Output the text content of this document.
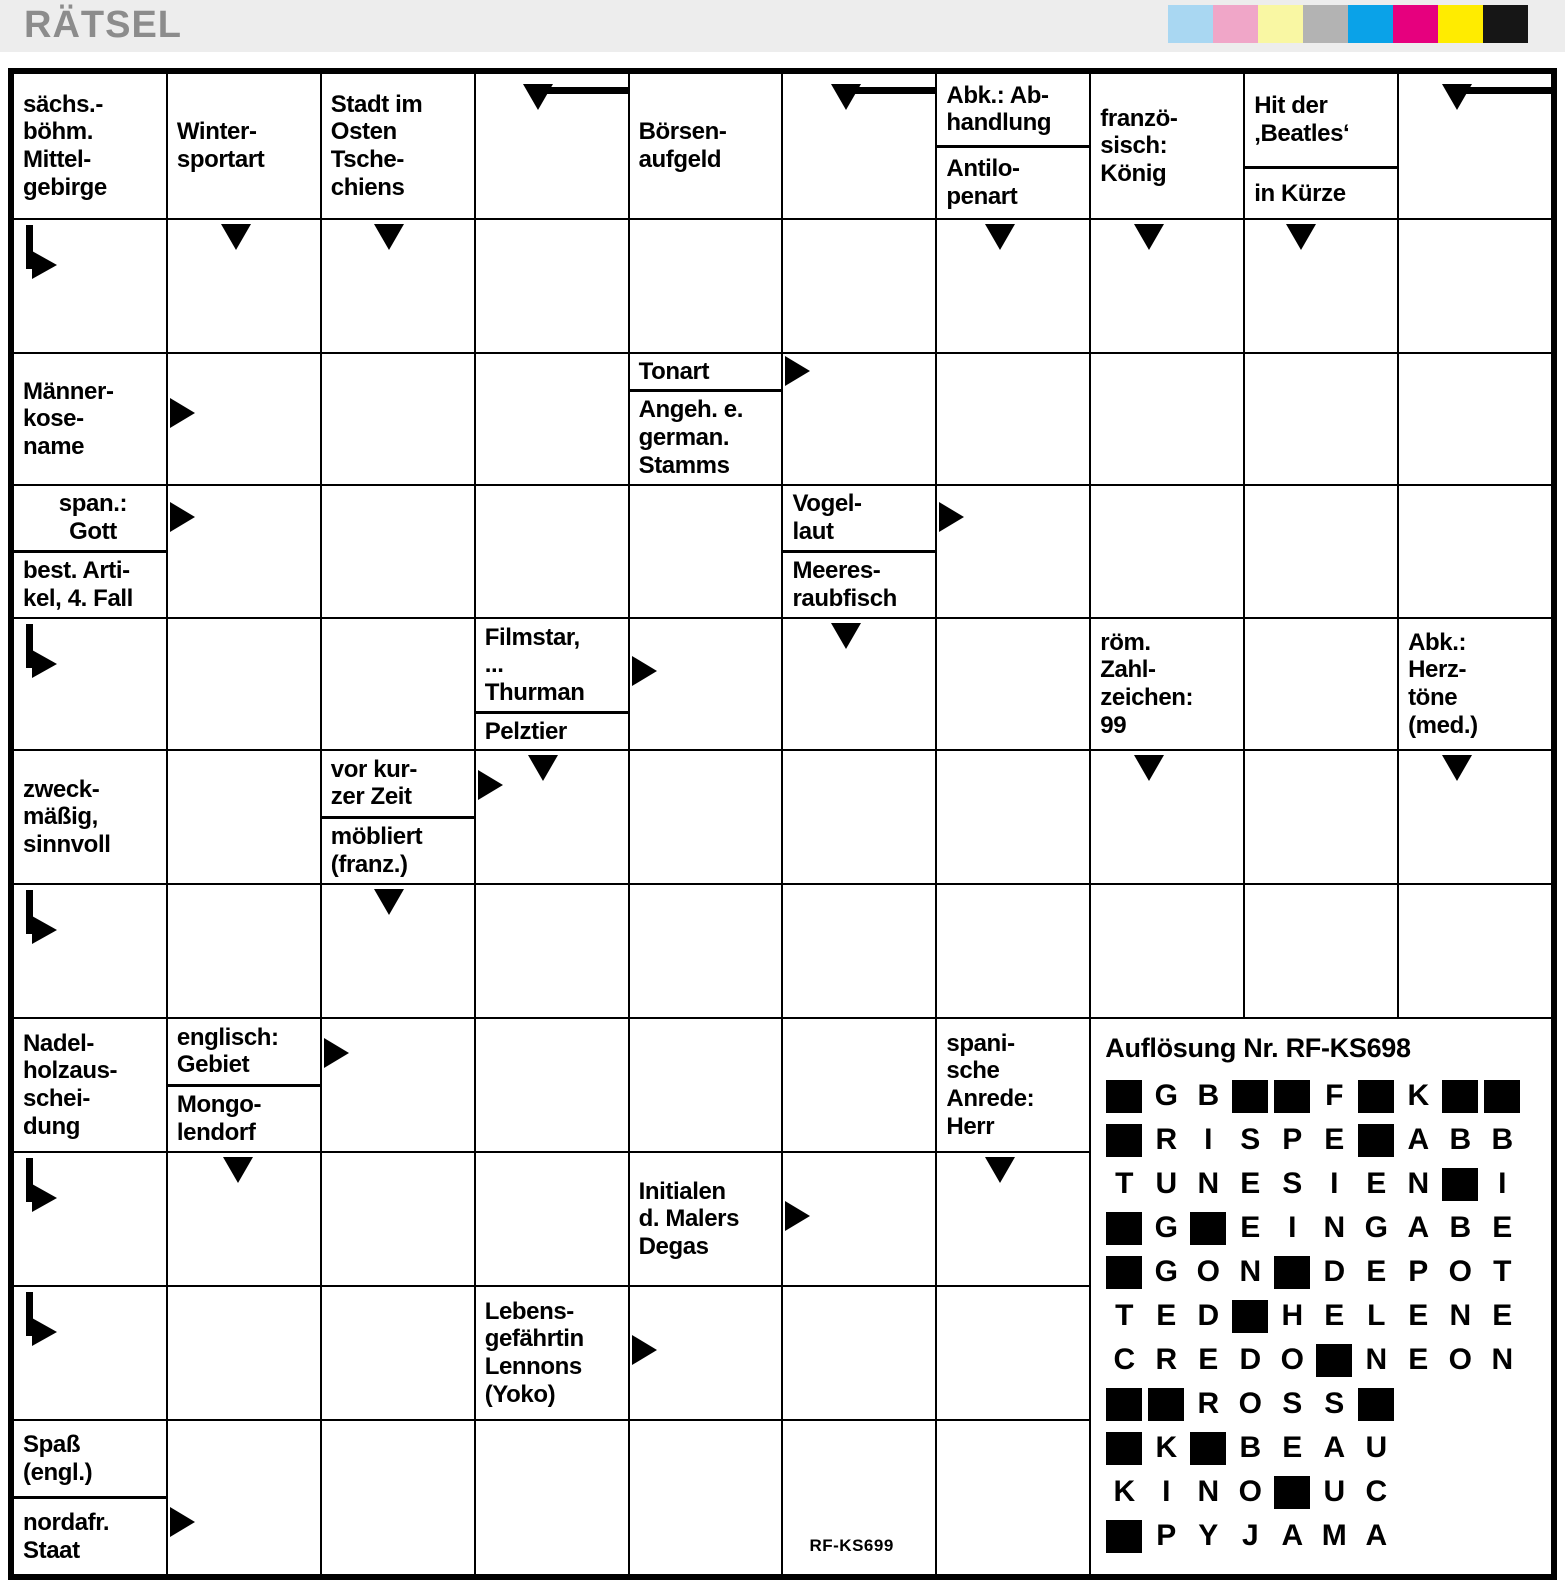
RÄTSEL
Auflösung Nr. RF-KS698
G B	F	K
R I S P E	A B B
T U N E S I E N	I
G	E I N G A B E
G O N	D E P O T
T E D	H E L E N E
C R E D O	N E O N
R O S S
K	B E A U
K I N O	U C
P Y J A M A
sächs.-
böhm.
Mittel-
gebirge
Winter-
sportart
Stadt im
Osten
Tsche-
chiens
Börsen-
aufgeld
Abk.: Ab-
handlung
Antilo-
penart
franzö-
sisch:
König
Hit der
‚Beatles‘
in Kürze
Männer-
kose-
name
Tonart
Angeh. e.
german.
Stamms
span.:
Gott
best. Arti-
kel, 4. Fall
Vogel-
laut
Meeres-
raubfisch
Filmstar,
...
Thurman
Pelztier
röm.
Zahl-
zeichen:
99
Abk.:
Herz-
töne
(med.)
zweck-
mäßig,
sinnvoll
vor kur-
zer Zeit
möbliert
(franz.)
Nadel-
holzaus-
schei-
dung
englisch:
Gebiet
Mongo-
lendorf
spani-
sche
Anrede:
Herr
Initialen
d. Malers
Degas
Lebens-
gefährtin
Lennons
(Yoko)
Spaß
(engl.)
nordafr.
Staat	RF-KS699
